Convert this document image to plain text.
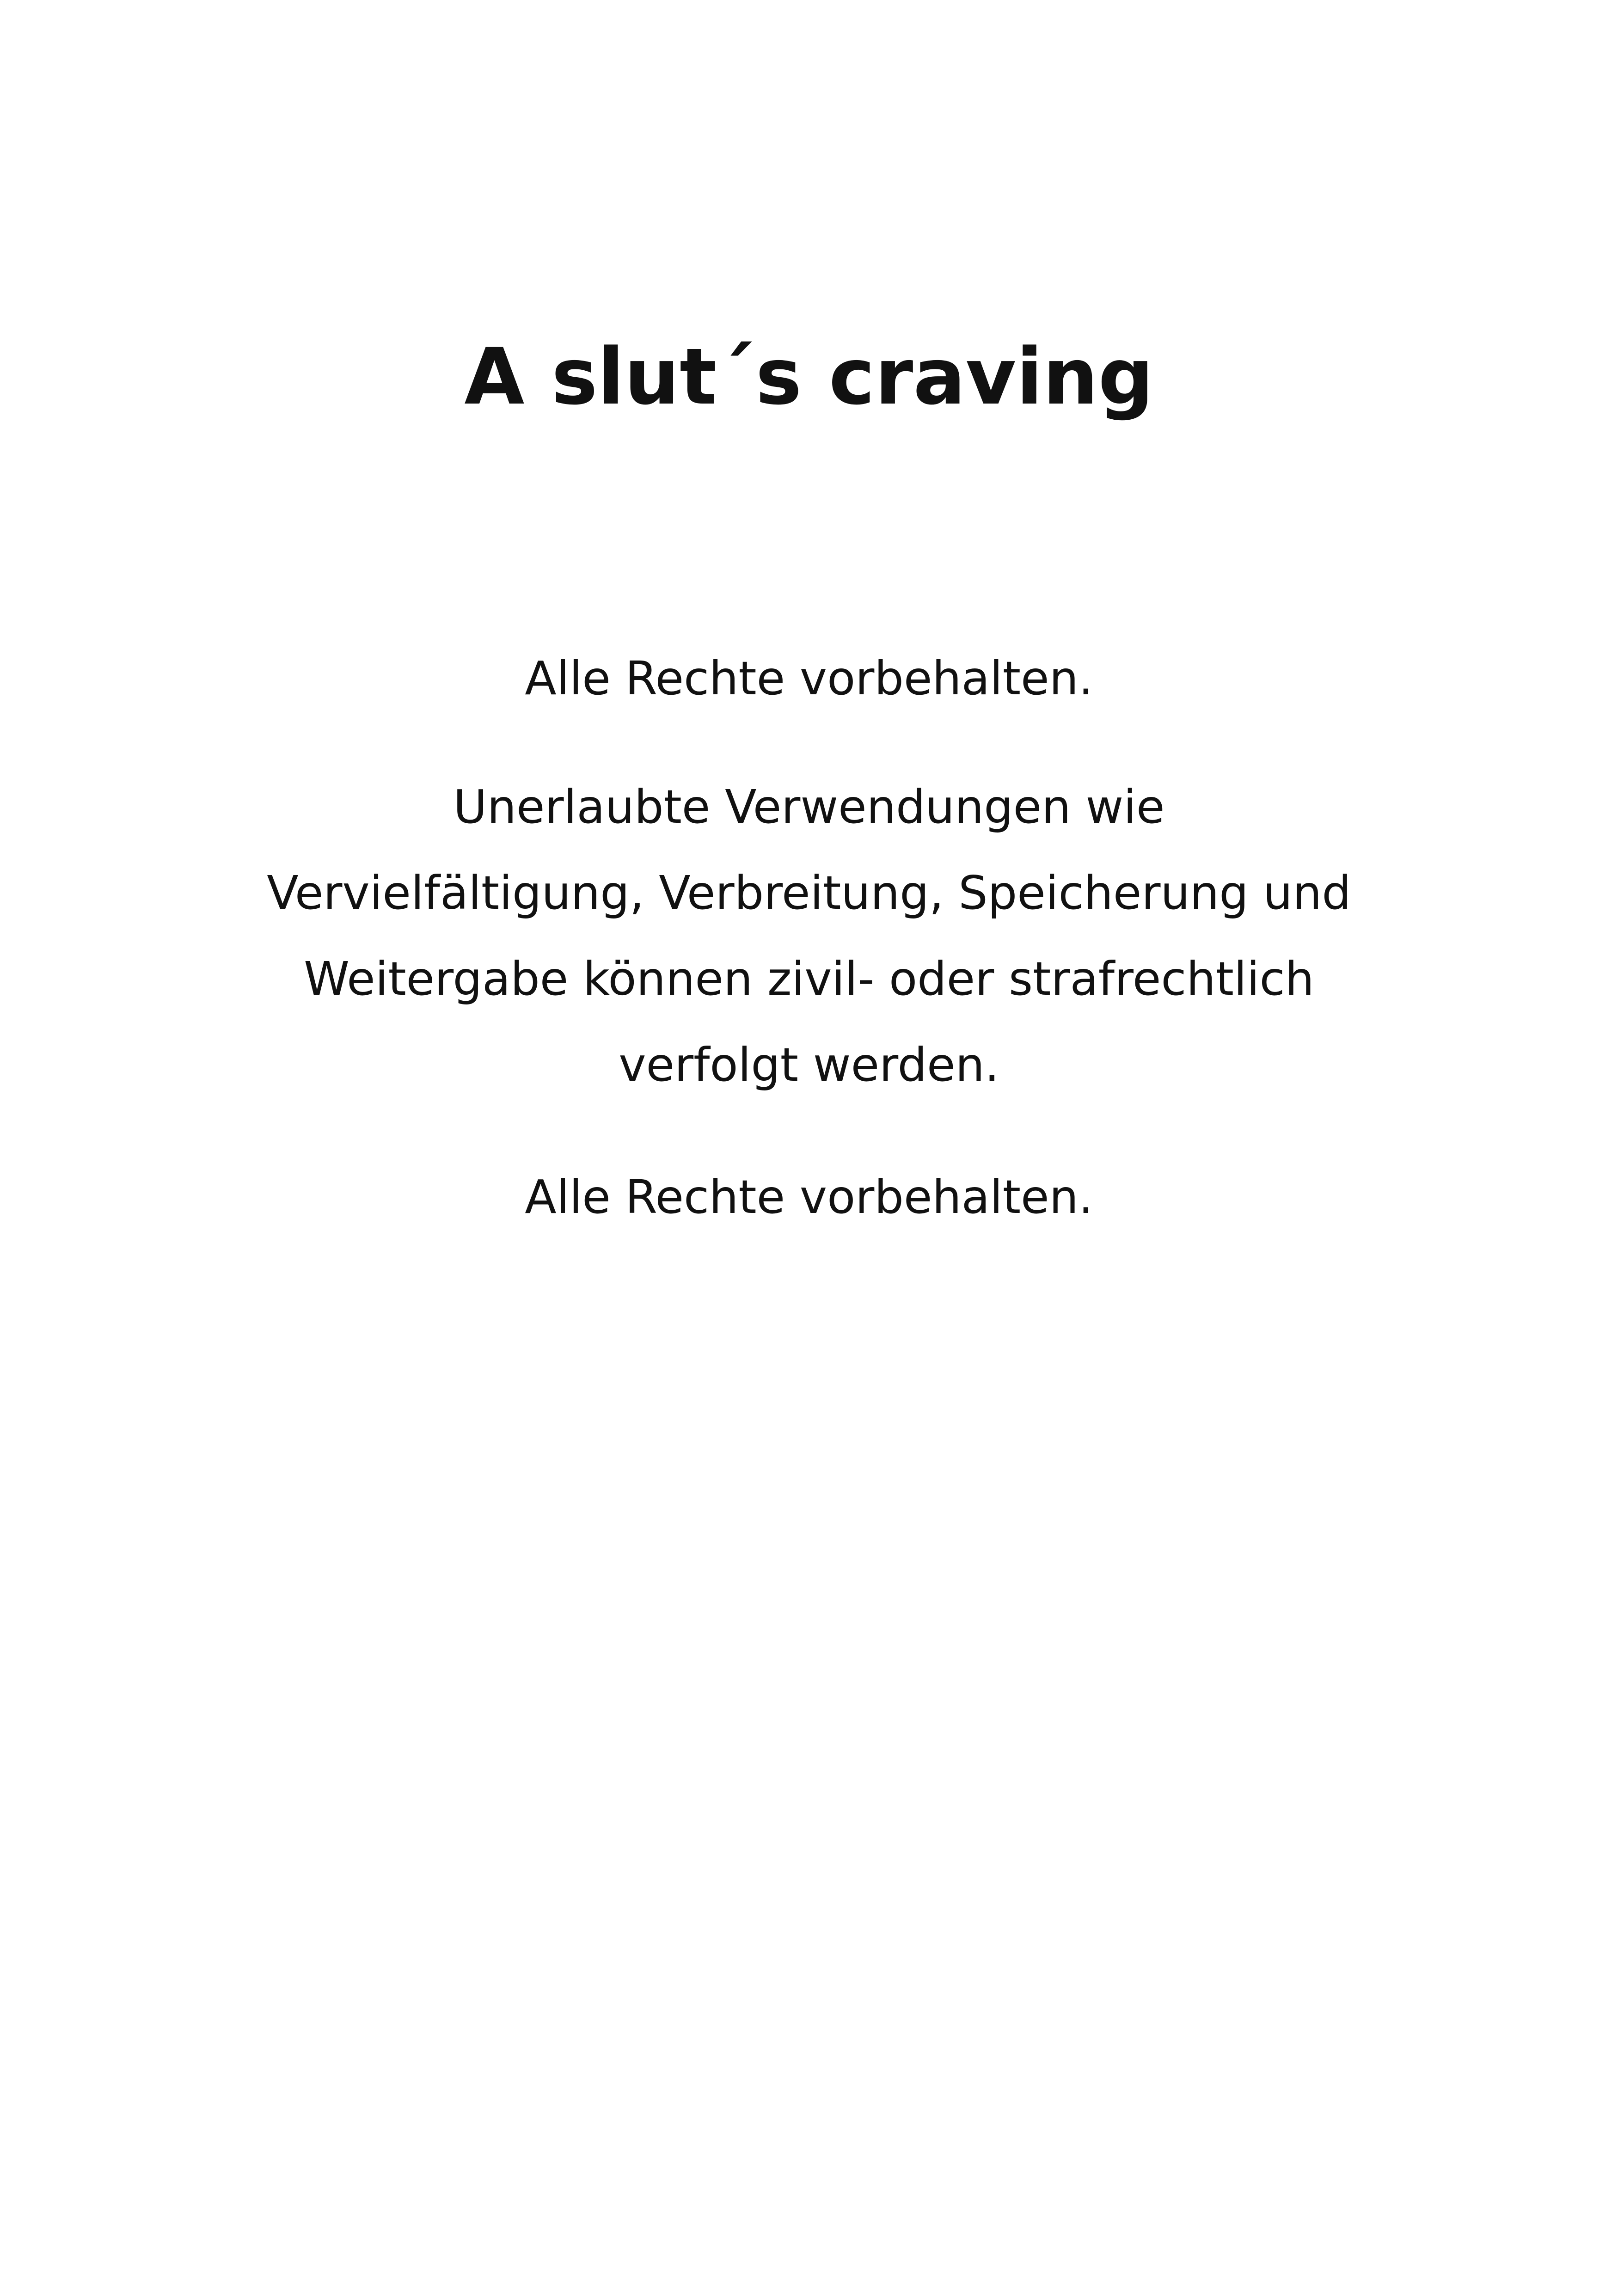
A slut´s craving

Alle Rechte vorbehalten.

Unerlaubte Verwendungen wie

Vervielfältigung, Verbreitung, Speicherung und

Weitergabe können zivil- oder strafrechtlich

verfolgt werden.

Alle Rechte vorbehalten.
